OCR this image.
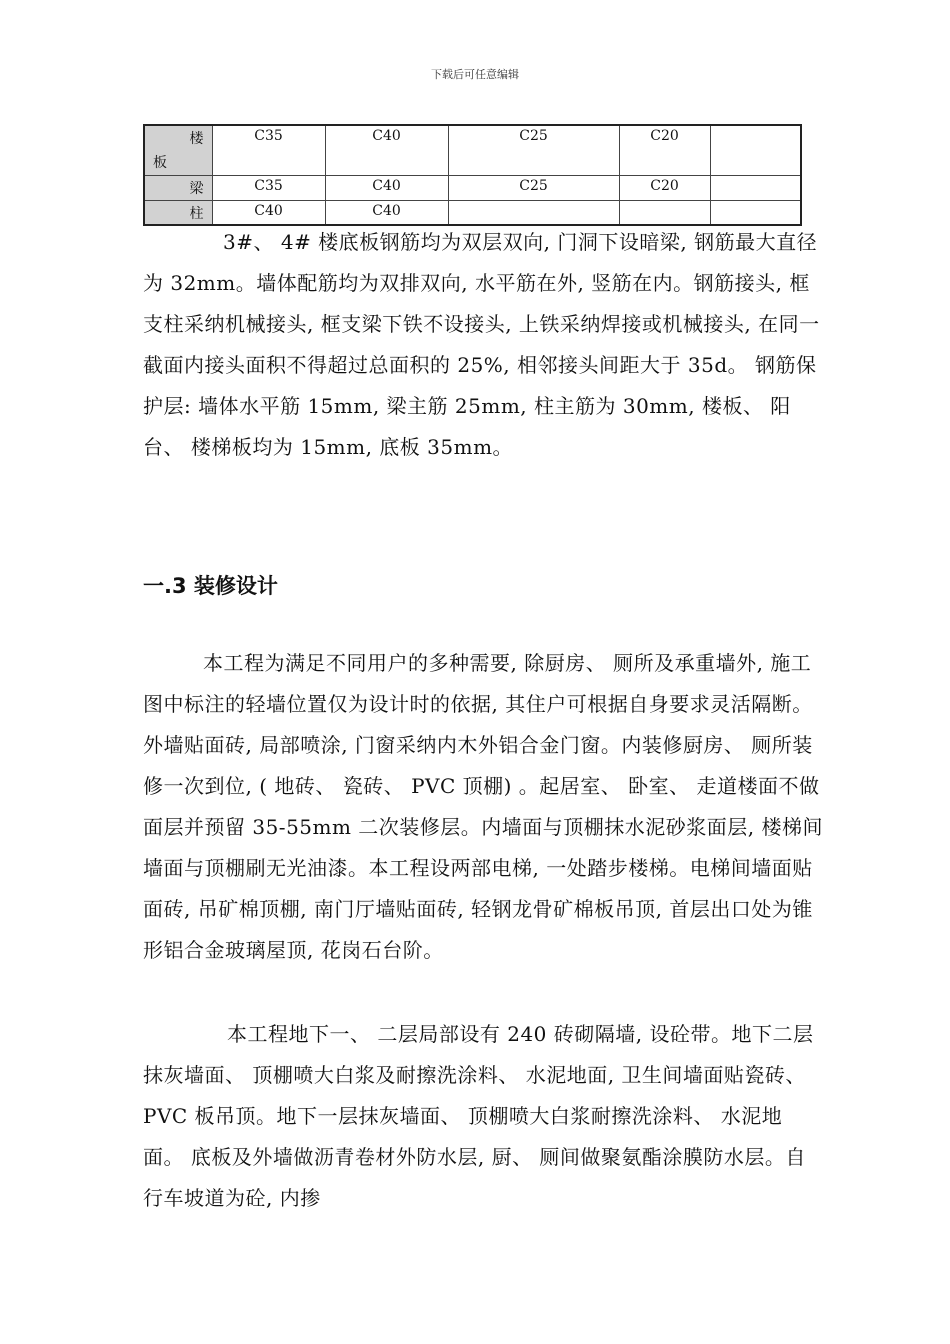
下载后可任意编辑
楼
板	C35	C40	C25	C20	
梁	C35	C40	C25	C20	
柱	C40	C40			

3#、 4# 楼底板钢筋均为双层双向, 门洞下设暗梁, 钢筋最大直径为 32mm。墙体配筋均为双排双向, 水平筋在外, 竖筋在内。钢筋接头, 框支柱采纳机械接头, 框支梁下铁不设接头, 上铁采纳焊接或机械接头, 在同一截面内接头面积不得超过总面积的 25%, 相邻接头间距大于 35d。 钢筋保护层: 墙体水平筋 15mm, 梁主筋 25mm, 柱主筋为 30mm, 楼板、 阳台、 楼梯板均为 15mm, 底板 35mm。

一.3 装修设计

本工程为满足不同用户的多种需要, 除厨房、 厕所及承重墙外, 施工图中标注的轻墙位置仅为设计时的依据, 其住户可根据自身要求灵活隔断。外墙贴面砖, 局部喷涂, 门窗采纳内木外铝合金门窗。内装修厨房、 厕所装修一次到位, ( 地砖、 瓷砖、 PVC 顶棚) 。起居室、 卧室、 走道楼面不做面层并预留 35-55mm 二次装修层。内墙面与顶棚抹水泥砂浆面层, 楼梯间墙面与顶棚刷无光油漆。本工程设两部电梯, 一处踏步楼梯。电梯间墙面贴面砖, 吊矿棉顶棚, 南门厅墙贴面砖, 轻钢龙骨矿棉板吊顶, 首层出口处为锥形铝合金玻璃屋顶, 花岗石台阶。

本工程地下一、 二层局部设有 240 砖砌隔墙, 设砼带。地下二层抹灰墙面、 顶棚喷大白浆及耐擦洗涂料、 水泥地面, 卫生间墙面贴瓷砖、 PVC 板吊顶。地下一层抹灰墙面、 顶棚喷大白浆耐擦洗涂料、 水泥地面。 底板及外墙做沥青卷材外防水层, 厨、 厕间做聚氨酯涂膜防水层。自行车坡道为砼, 内掺
